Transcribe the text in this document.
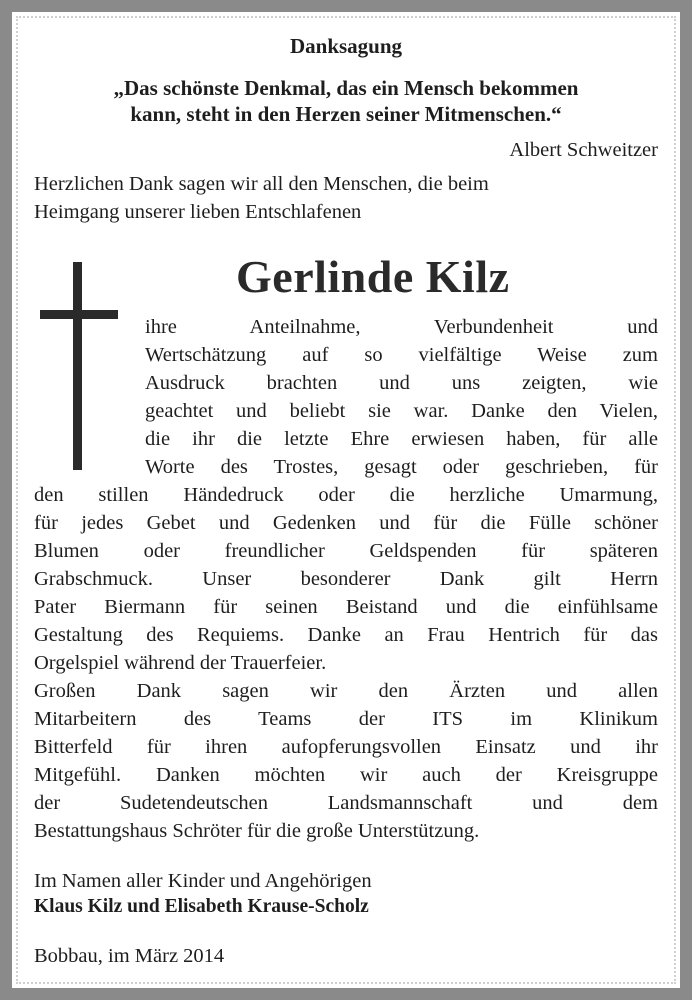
Danksagung
„Das schönste Denkmal, das ein Mensch bekommen
kann, steht in den Herzen seiner Mitmenschen.“
Albert Schweitzer
Herzlichen Dank sagen wir all den Menschen, die beim
Heimgang unserer lieben Entschlafenen
Gerlinde Kilz
ihre Anteilnahme, Verbundenheit und
Wertschätzung auf so vielfältige Weise zum
Ausdruck brachten und uns zeigten, wie
geachtet und beliebt sie war. Danke den Vielen,
die ihr die letzte Ehre erwiesen haben, für alle
Worte des Trostes, gesagt oder geschrieben, für
den stillen Händedruck oder die herzliche Umarmung,
für jedes Gebet und Gedenken und für die Fülle schöner
Blumen oder freundlicher Geldspenden für späteren
Grabschmuck. Unser besonderer Dank gilt Herrn
Pater Biermann für seinen Beistand und die einfühlsame
Gestaltung des Requiems. Danke an Frau Hentrich für das
Orgelspiel während der Trauerfeier.
Großen Dank sagen wir den Ärzten und allen
Mitarbeitern des Teams der ITS im Klinikum
Bitterfeld für ihren aufopferungsvollen Einsatz und ihr
Mitgefühl. Danken möchten wir auch der Kreisgruppe
der Sudetendeutschen Landsmannschaft und dem
Bestattungshaus Schröter für die große Unterstützung.
Im Namen aller Kinder und Angehörigen
Klaus Kilz und Elisabeth Krause-Scholz
Bobbau, im März 2014
